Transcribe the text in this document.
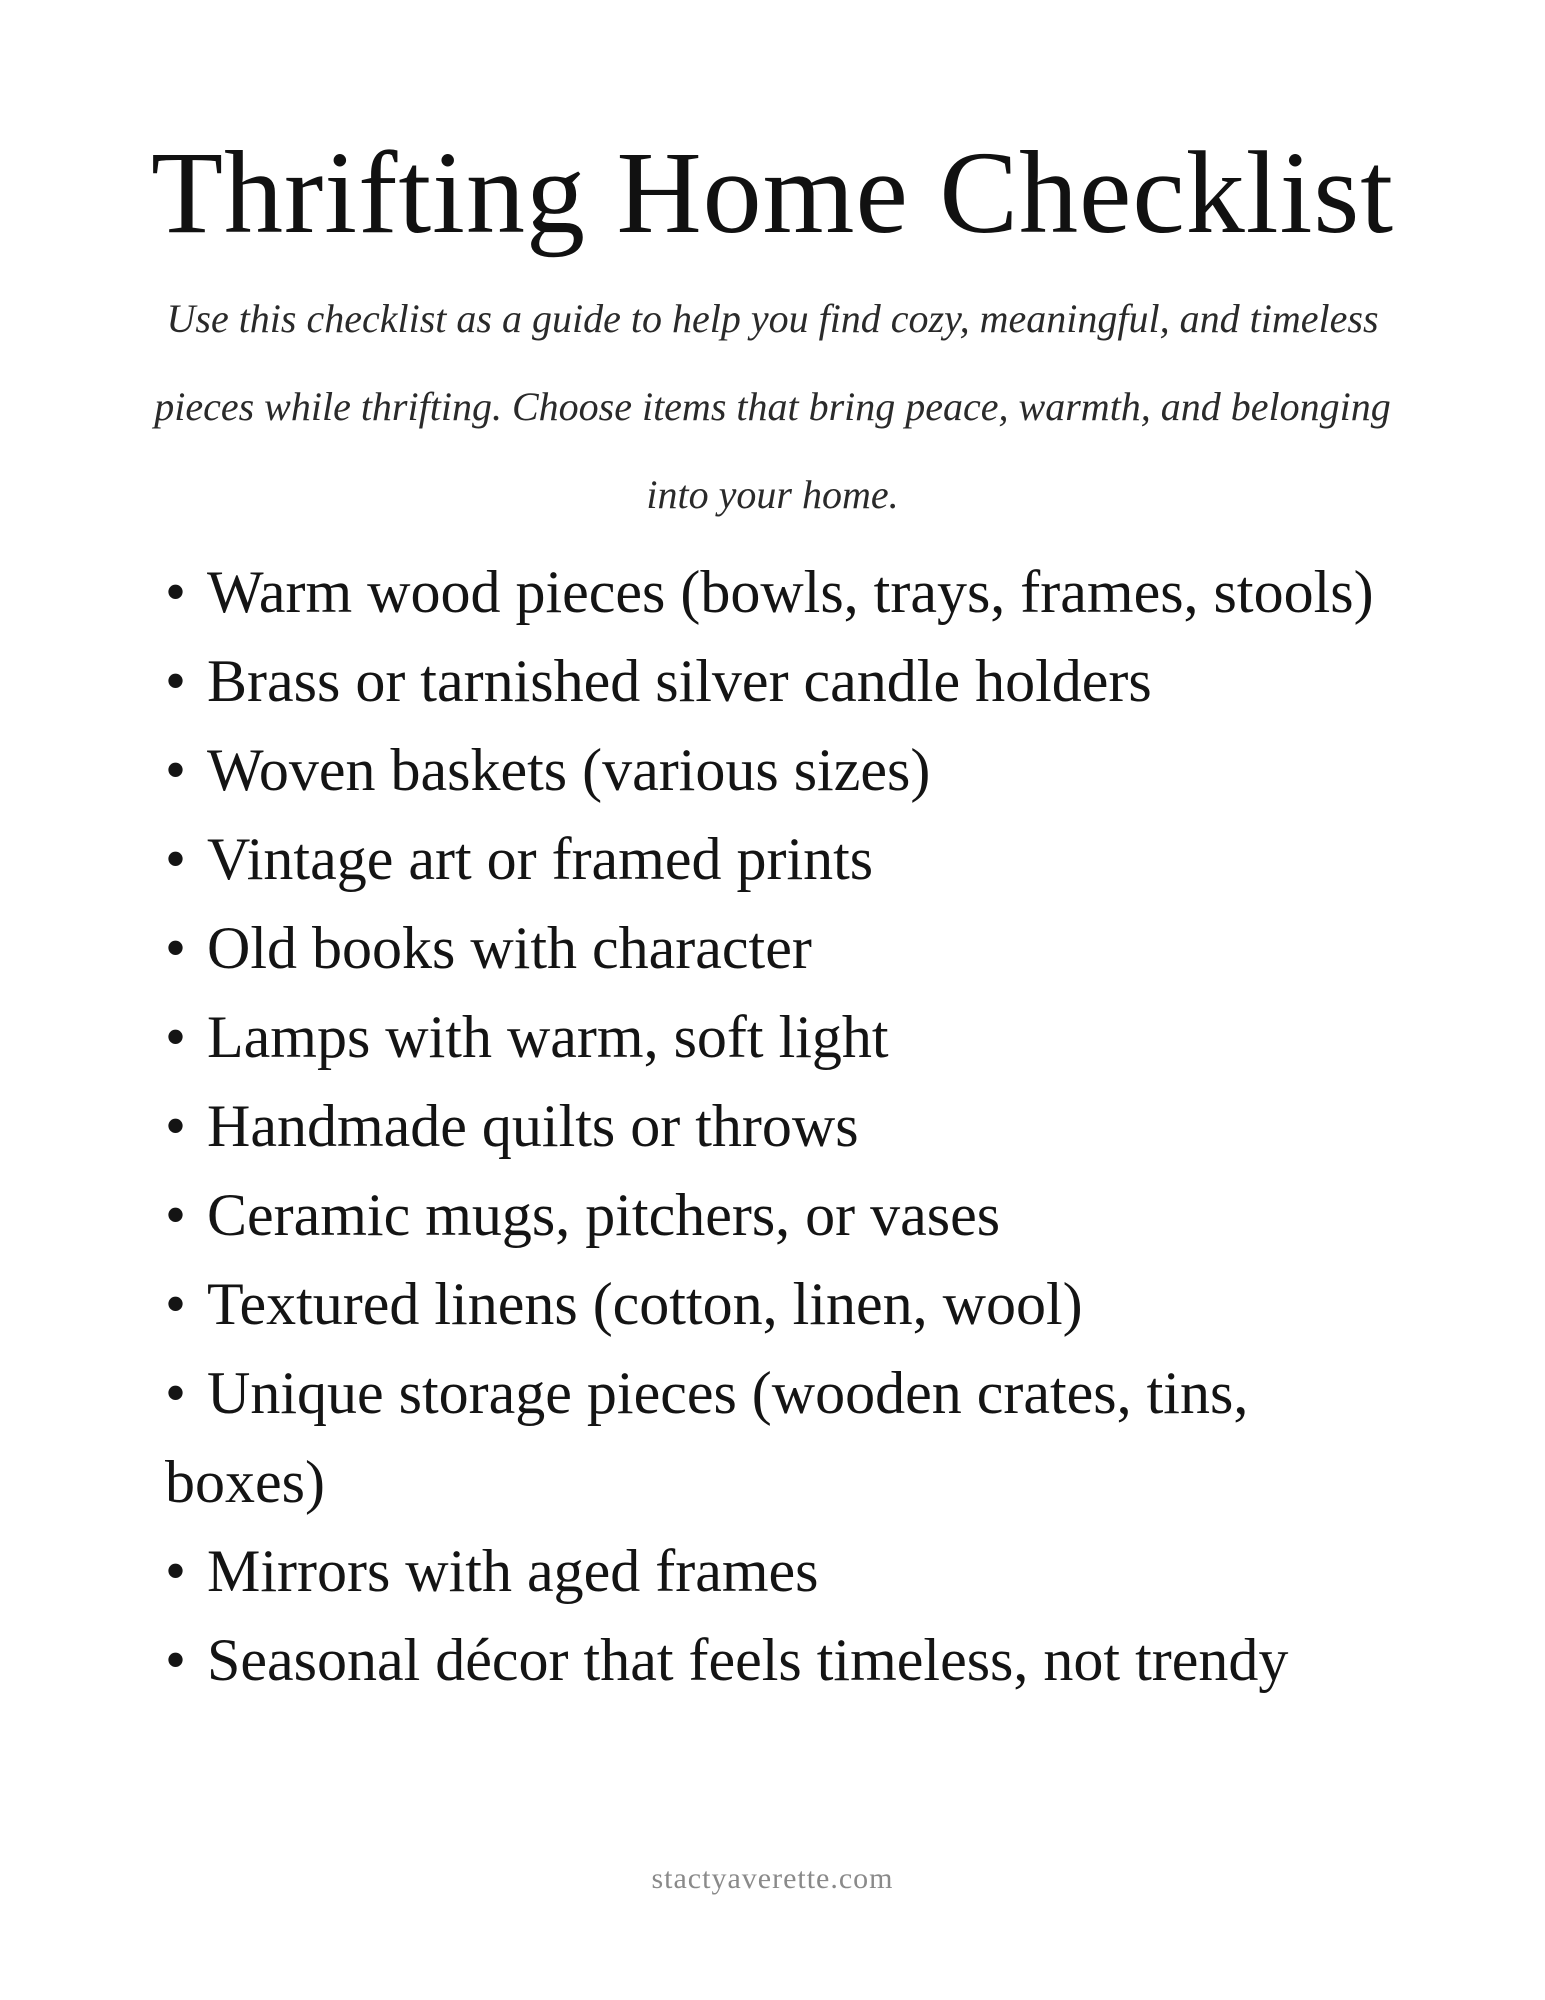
Thrifting Home Checklist

Use this checklist as a guide to help you find cozy, meaningful, and timeless pieces while thrifting. Choose items that bring peace, warmth, and belonging into your home.

• Warm wood pieces (bowls, trays, frames, stools)
• Brass or tarnished silver candle holders
• Woven baskets (various sizes)
• Vintage art or framed prints
• Old books with character
• Lamps with warm, soft light
• Handmade quilts or throws
• Ceramic mugs, pitchers, or vases
• Textured linens (cotton, linen, wool)
• Unique storage pieces (wooden crates, tins, boxes)
• Mirrors with aged frames
• Seasonal décor that feels timeless, not trendy
stactyaverette.com
